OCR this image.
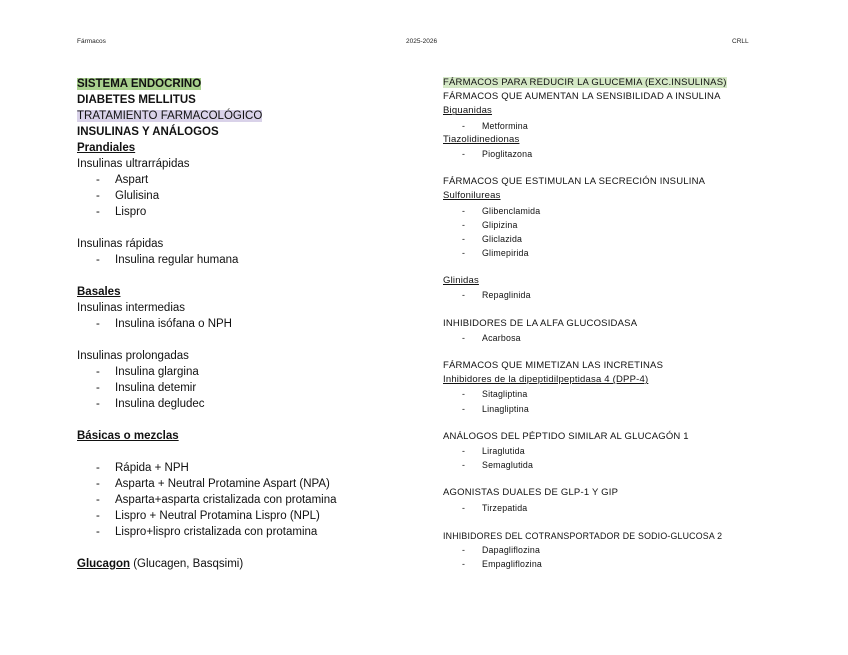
Fármacos	2025-2026	CRLL
SISTEMA ENDOCRINO
DIABETES MELLITUS
TRATAMIENTO FARMACOLÓGICO
INSULINAS Y ANÁLOGOS
Prandiales
Insulinas ultrarrápidas
- Aspart
- Glulisina
- Lispro
Insulinas rápidas
- Insulina regular humana
Basales
Insulinas intermedias
- Insulina isófana o NPH
Insulinas prolongadas
- Insulina glargina
- Insulina detemir
- Insulina degludec
Básicas o mezclas
- Rápida + NPH
- Asparta + Neutral Protamine Aspart (NPA)
- Asparta+asparta cristalizada con protamina
- Lispro + Neutral Protamina Lispro (NPL)
- Lispro+lispro cristalizada con protamina
Glucagon (Glucagen, Basqsimi)
FÁRMACOS PARA REDUCIR LA GLUCEMIA (EXC.INSULINAS)
FÁRMACOS QUE AUMENTAN LA SENSIBILIDAD A INSULINA
Biguanidas
- Metformina
Tiazolidinedionas
- Pioglitazona
FÁRMACOS QUE ESTIMULAN LA SECRECIÓN INSULINA
Sulfonilureas
- Glibenclamida
- Glipizina
- Gliclazida
- Glimepirida
Glinidas
- Repaglinida
INHIBIDORES DE LA ALFA GLUCOSIDASA
- Acarbosa
FÁRMACOS QUE MIMETIZAN LAS INCRETINAS
Inhibidores de la dipeptidilpeptidasa 4 (DPP-4)
- Sitagliptina
- Linagliptina
ANÁLOGOS DEL PÉPTIDO SIMILAR AL GLUCAGÓN 1
- Liraglutida
- Semaglutida
AGONISTAS DUALES DE GLP-1 Y GIP
- Tirzepatida
INHIBIDORES DEL COTRANSPORTADOR DE SODIO-GLUCOSA 2
- Dapagliflozina
- Empagliflozina
